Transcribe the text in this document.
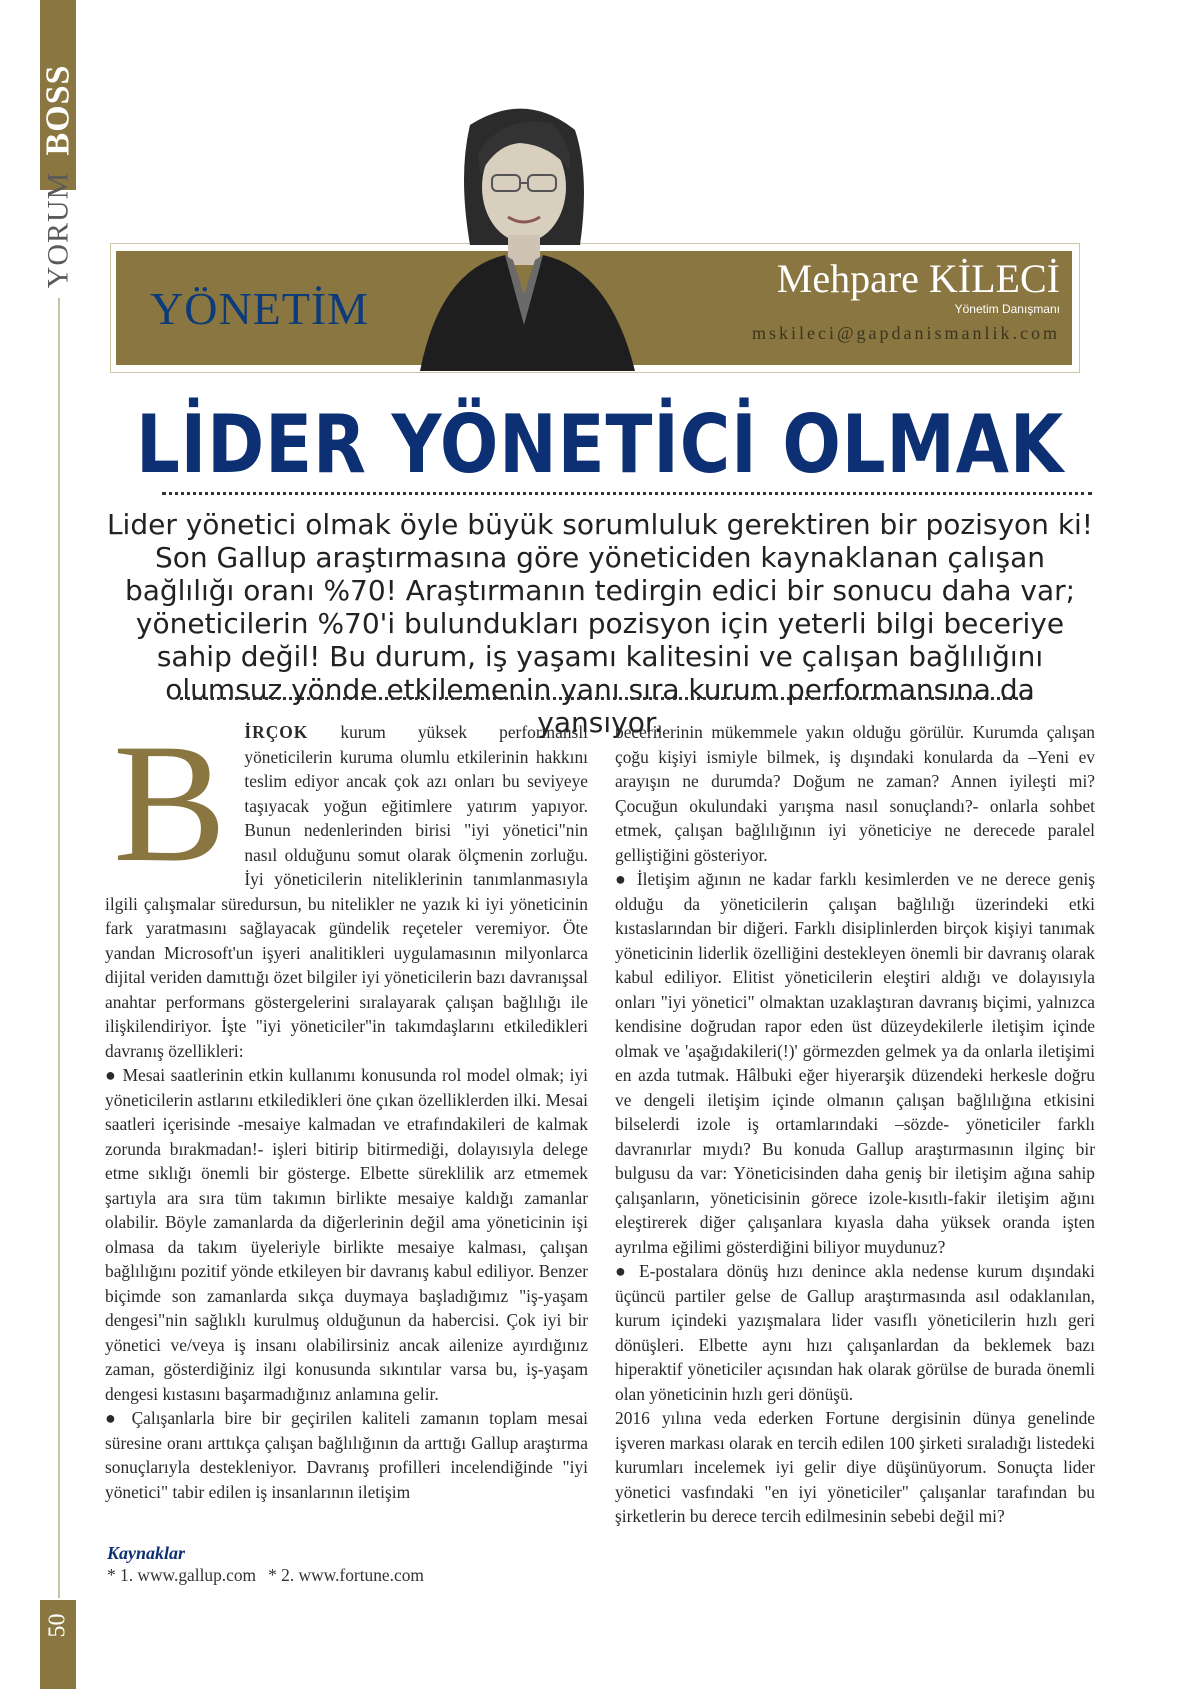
BOSS
YORUM
50
YÖNETİM
Mehpare KİLECİ
Yönetim Danışmanı
mskileci@gapdanismanlik.com
LİDER YÖNETİCİ OLMAK
Lider yönetici olmak öyle büyük sorumluluk gerektiren bir pozisyon ki! Son Gallup araştırmasına göre yöneticiden kaynaklanan çalışan bağlılığı oranı %70! Araştırmanın tedirgin edici bir sonucu daha var; yöneticilerin %70'i bulundukları pozisyon için yeterli bilgi beceriye sahip değil! Bu durum, iş yaşamı kalitesini ve çalışan bağlılığını olumsuz yönde etkilemenin yanı sıra kurum performansına da yansıyor.

B İRÇOK kurum yüksek performanslı yöneticilerin kuruma olumlu etkilerinin hakkını teslim ediyor ancak çok azı onları bu seviyeye taşıyacak yoğun eğitimlere yatırım yapıyor. Bunun nedenlerinden birisi "iyi yönetici"nin nasıl olduğunu somut olarak ölçmenin zorluğu. İyi yöneticilerin niteliklerinin tanımlanmasıyla ilgili çalışmalar süredursun, bu nitelikler ne yazık ki iyi yöneticinin fark yaratmasını sağlayacak gündelik reçeteler veremiyor. Öte yandan Microsoft'un işyeri analitikleri uygulamasının milyonlarca dijital veriden damıttığı özet bilgiler iyi yöneticilerin bazı davranışsal anahtar performans göstergelerini sıralayarak çalışan bağlılığı ile ilişkilendiriyor. İşte "iyi yöneticiler"in takımdaşlarını etkiledikleri davranış özellikleri:

● Mesai saatlerinin etkin kullanımı konusunda rol model olmak; iyi yöneticilerin astlarını etkiledikleri öne çıkan özelliklerden ilki. Mesai saatleri içerisinde -mesaiye kalmadan ve etrafındakileri de kalmak zorunda bırakmadan!- işleri bitirip bitirmediği, dolayısıyla delege etme sıklığı önemli bir gösterge. Elbette süreklilik arz etmemek şartıyla ara sıra tüm takımın birlikte mesaiye kaldığı zamanlar olabilir. Böyle zamanlarda da diğerlerinin değil ama yöneticinin işi olmasa da takım üyeleriyle birlikte mesaiye kalması, çalışan bağlılığını pozitif yönde etkileyen bir davranış kabul ediliyor. Benzer biçimde son zamanlarda sıkça duymaya başladığımız "iş-yaşam dengesi"nin sağlıklı kurulmuş olduğunun da habercisi. Çok iyi bir yönetici ve/veya iş insanı olabilirsiniz ancak ailenize ayırdığınız zaman, gösterdiğiniz ilgi konusunda sıkıntılar varsa bu, iş-yaşam dengesi kıstasını başarmadığınız anlamına gelir.

● Çalışanlarla bire bir geçirilen kaliteli zamanın toplam mesai süresine oranı arttıkça çalışan bağlılığının da arttığı Gallup araştırma sonuçlarıyla destekleniyor. Davranış profilleri incelendiğinde "iyi yönetici" tabir edilen iş insanlarının iletişim

becerilerinin mükemmele yakın olduğu görülür. Kurumda çalışan çoğu kişiyi ismiyle bilmek, iş dışındaki konularda da –Yeni ev arayışın ne durumda? Doğum ne zaman? Annen iyileşti mi? Çocuğun okulundaki yarışma nasıl sonuçlandı?- onlarla sohbet etmek, çalışan bağlılığının iyi yöneticiye ne derecede paralel gelliştiğini gösteriyor.

● İletişim ağının ne kadar farklı kesimlerden ve ne derece geniş olduğu da yöneticilerin çalışan bağlılığı üzerindeki etki kıstaslarından bir diğeri. Farklı disiplinlerden birçok kişiyi tanımak yöneticinin liderlik özelliğini destekleyen önemli bir davranış olarak kabul ediliyor. Elitist yöneticilerin eleştiri aldığı ve dolayısıyla onları "iyi yönetici" olmaktan uzaklaştıran davranış biçimi, yalnızca kendisine doğrudan rapor eden üst düzeydekilerle iletişim içinde olmak ve 'aşağıdakileri(!)' görmezden gelmek ya da onlarla iletişimi en azda tutmak. Hâlbuki eğer hiyerarşik düzendeki herkesle doğru ve dengeli iletişim içinde olmanın çalışan bağlılığına etkisini bilselerdi izole iş ortamlarındaki –sözde- yöneticiler farklı davranırlar mıydı? Bu konuda Gallup araştırmasının ilginç bir bulgusu da var: Yöneticisinden daha geniş bir iletişim ağına sahip çalışanların, yöneticisinin görece izole-kısıtlı-fakir iletişim ağını eleştirerek diğer çalışanlara kıyasla daha yüksek oranda işten ayrılma eğilimi gösterdiğini biliyor muydunuz?

● E-postalara dönüş hızı denince akla nedense kurum dışındaki üçüncü partiler gelse de Gallup araştırmasında asıl odaklanılan, kurum içindeki yazışmalara lider vasıflı yöneticilerin hızlı geri dönüşleri. Elbette aynı hızı çalışanlardan da beklemek bazı hiperaktif yöneticiler açısından hak olarak görülse de burada önemli olan yöneticinin hızlı geri dönüşü.

2016 yılına veda ederken Fortune dergisinin dünya genelinde işveren markası olarak en tercih edilen 100 şirketi sıraladığı listedeki kurumları incelemek iyi gelir diye düşünüyorum. Sonuçta lider yönetici vasfındaki "en iyi yöneticiler" çalışanlar tarafından bu şirketlerin bu derece tercih edilmesinin sebebi değil mi?

Kaynaklar
* 1. www.gallup.com * 2. www.fortune.com
